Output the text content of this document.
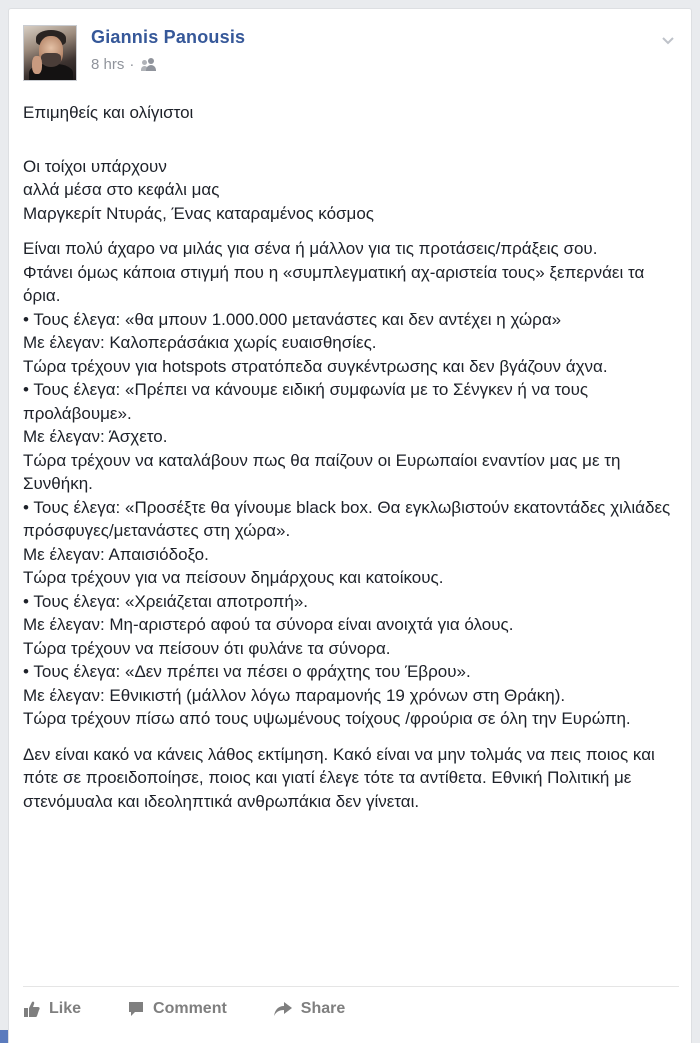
Giannis Panousis
8 hrs ·

Επιμηθείς και ολίγιστοι

Οι τοίχοι υπάρχουν
αλλά μέσα στο κεφάλι μας
Μαργκερίτ Ντυράς, Ένας καταραμένος κόσμος

Είναι πολύ άχαρο να μιλάς για σένα ή μάλλον για τις προτάσεις/πράξεις σου.
Φτάνει όμως κάποια στιγμή που η «συμπλεγματική αχ-αριστεία τους» ξεπερνάει τα όρια.
• Τους έλεγα: «θα μπουν 1.000.000 μετανάστες και δεν αντέχει η χώρα»
Με έλεγαν: Καλοπεράσάκια χωρίς ευαισθησίες.
Τώρα τρέχουν για hotspots στρατόπεδα συγκέντρωσης και δεν βγάζουν άχνα.
• Τους έλεγα: «Πρέπει να κάνουμε ειδική συμφωνία με το Σένγκεν ή να τους προλάβουμε».
Με έλεγαν: Άσχετο.
Τώρα τρέχουν να καταλάβουν πως θα παίζουν οι Ευρωπαίοι εναντίον μας με τη Συνθήκη.
• Τους έλεγα: «Προσέξτε θα γίνουμε black box. Θα εγκλωβιστούν εκατοντάδες χιλιάδες πρόσφυγες/μετανάστες στη χώρα».
Με έλεγαν: Απαισιόδοξο.
Τώρα τρέχουν για να πείσουν δημάρχους και κατοίκους.
• Τους έλεγα: «Χρειάζεται αποτροπή».
Με έλεγαν: Μη-αριστερό αφού τα σύνορα είναι ανοιχτά για όλους.
Τώρα τρέχουν να πείσουν ότι φυλάνε τα σύνορα.
• Τους έλεγα: «Δεν πρέπει να πέσει ο φράχτης του Έβρου».
Με έλεγαν: Εθνικιστή (μάλλον λόγω παραμονής 19 χρόνων στη Θράκη).
Τώρα τρέχουν πίσω από τους υψωμένους τοίχους /φρούρια σε όλη την Ευρώπη.

Δεν είναι κακό να κάνεις λάθος εκτίμηση. Κακό είναι να μην τολμάς να πεις ποιος και πότε σε προειδοποίησε, ποιος και γιατί έλεγε τότε τα αντίθετα. Εθνική Πολιτική με στενόμυαλα και ιδεοληπτικά ανθρωπάκια δεν γίνεται.

Like	Comment	Share
